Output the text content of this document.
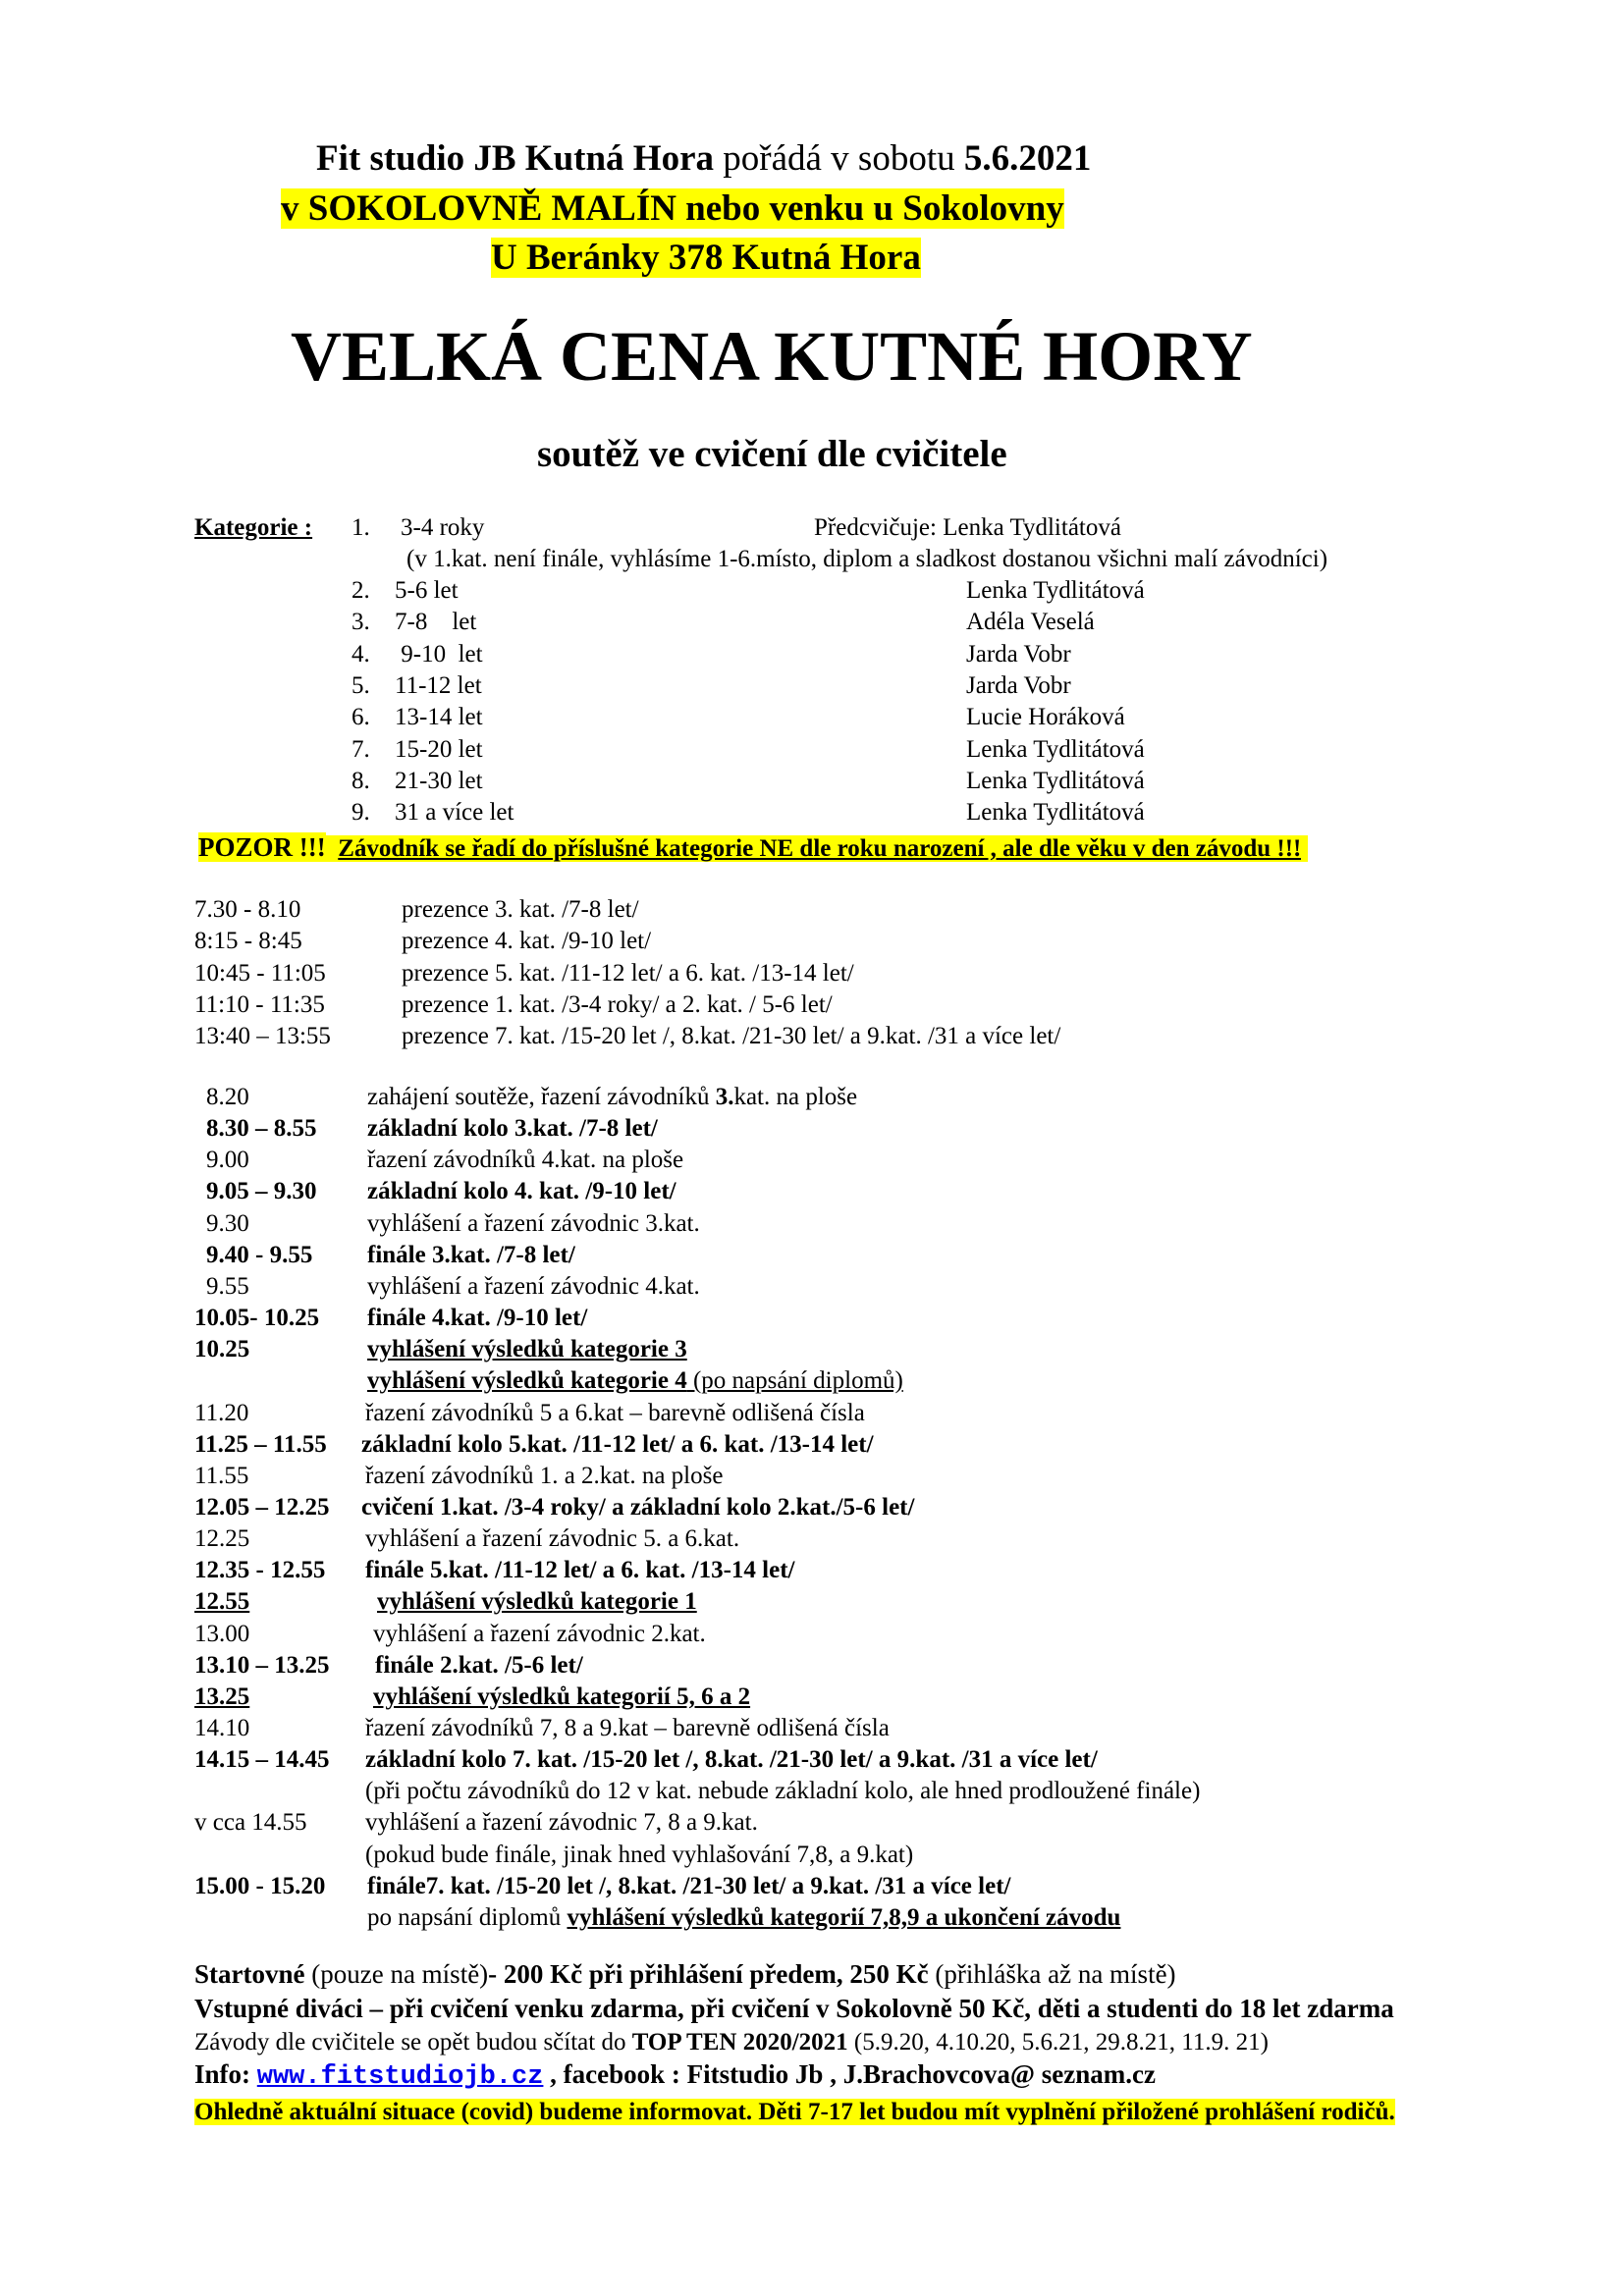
Fit studio JB Kutná Hora pořádá v sobotu 5.6.2021
v SOKOLOVNĚ MALÍN nebo venku u Sokolovny
U Beránky 378 Kutná Hora
VELKÁ CENA KUTNÉ HORY
soutěž ve cvičení dle cvičitele
Kategorie : 1. 3-4 roky	Předcvičuje: Lenka Tydlitátová
(v 1.kat. není finále, vyhlásíme 1-6.místo, diplom a sladkost dostanou všichni malí závodníci)
2. 5-6 let	Lenka Tydlitátová
3. 7-8    let	Adéla Veselá
4. 9-10  let	Jarda Vobr
5. 11-12 let	Jarda Vobr
6. 13-14 let	Lucie Horáková
7. 15-20 let	Lenka Tydlitátová
8. 21-30 let	Lenka Tydlitátová
9. 31 a více let	Lenka Tydlitátová
POZOR !!! Závodník se řadí do příslušné kategorie NE dle roku narození , ale dle věku v den závodu !!!
7.30 - 8.10	prezence 3. kat. /7-8 let/
8:15 - 8:45	prezence 4. kat. /9-10 let/
10:45 - 11:05	prezence 5. kat. /11-12 let/ a 6. kat. /13-14 let/
11:10 - 11:35	prezence 1. kat. /3-4 roky/ a 2. kat. / 5-6 let/
13:40 – 13:55	prezence 7. kat. /15-20 let /, 8.kat. /21-30 let/ a 9.kat. /31 a více let/
8.20	zahájení soutěže, řazení závodníků 3.kat. na ploše
8.30 – 8.55 základní kolo 3.kat. /7-8 let/
9.00	řazení závodníků 4.kat. na ploše
9.05 – 9.30 základní kolo 4. kat. /9-10 let/
9.30	vyhlášení a řazení závodnic 3.kat.
9.40 - 9.55 finále 3.kat. /7-8 let/
9.55	vyhlášení a řazení závodnic 4.kat.
10.05- 10.25 finále 4.kat. /9-10 let/
10.25	vyhlášení výsledků kategorie 3
vyhlášení výsledků kategorie 4 (po napsání diplomů)
11.20	řazení závodníků 5 a 6.kat – barevně odlišená čísla
11.25 – 11.55 základní kolo 5.kat. /11-12 let/ a 6. kat. /13-14 let/
11.55	řazení závodníků 1. a 2.kat. na ploše
12.05 – 12.25 cvičení 1.kat. /3-4 roky/ a základní kolo 2.kat./5-6 let/
12.25	vyhlášení a řazení závodnic 5. a 6.kat.
12.35 - 12.55 finále 5.kat. /11-12 let/ a 6. kat. /13-14 let/
12.55	vyhlášení výsledků kategorie 1
13.00	vyhlášení a řazení závodnic 2.kat.
13.10 – 13.25 finále 2.kat. /5-6 let/
13.25	vyhlášení výsledků kategorií 5, 6 a 2
14.10	řazení závodníků 7, 8 a 9.kat – barevně odlišená čísla
14.15 – 14.45 základní kolo 7. kat. /15-20 let /, 8.kat. /21-30 let/ a 9.kat. /31 a více let/
(při počtu závodníků do 12 v kat. nebude základní kolo, ale hned prodloužené finále)
v cca 14.55 vyhlášení a řazení závodnic 7, 8 a 9.kat.
(pokud bude finále, jinak hned vyhlašování 7,8, a 9.kat)
15.00 - 15.20 finále7. kat. /15-20 let /, 8.kat. /21-30 let/ a 9.kat. /31 a více let/
po napsání diplomů vyhlášení výsledků kategorií 7,8,9 a ukončení závodu
Startovné (pouze na místě)- 200 Kč při přihlášení předem, 250 Kč (přihláška až na místě)
Vstupné diváci – při cvičení venku zdarma, při cvičení v Sokolovně 50 Kč, děti a studenti do 18 let zdarma
Závody dle cvičitele se opět budou sčítat do TOP TEN 2020/2021 (5.9.20, 4.10.20, 5.6.21, 29.8.21, 11.9. 21)
Info: www.fitstudiojb.cz , facebook : Fitstudio Jb , J.Brachovcova@ seznam.cz
Ohledně aktuální situace (covid) budeme informovat. Děti 7-17 let budou mít vyplnění přiložené prohlášení rodičů.
